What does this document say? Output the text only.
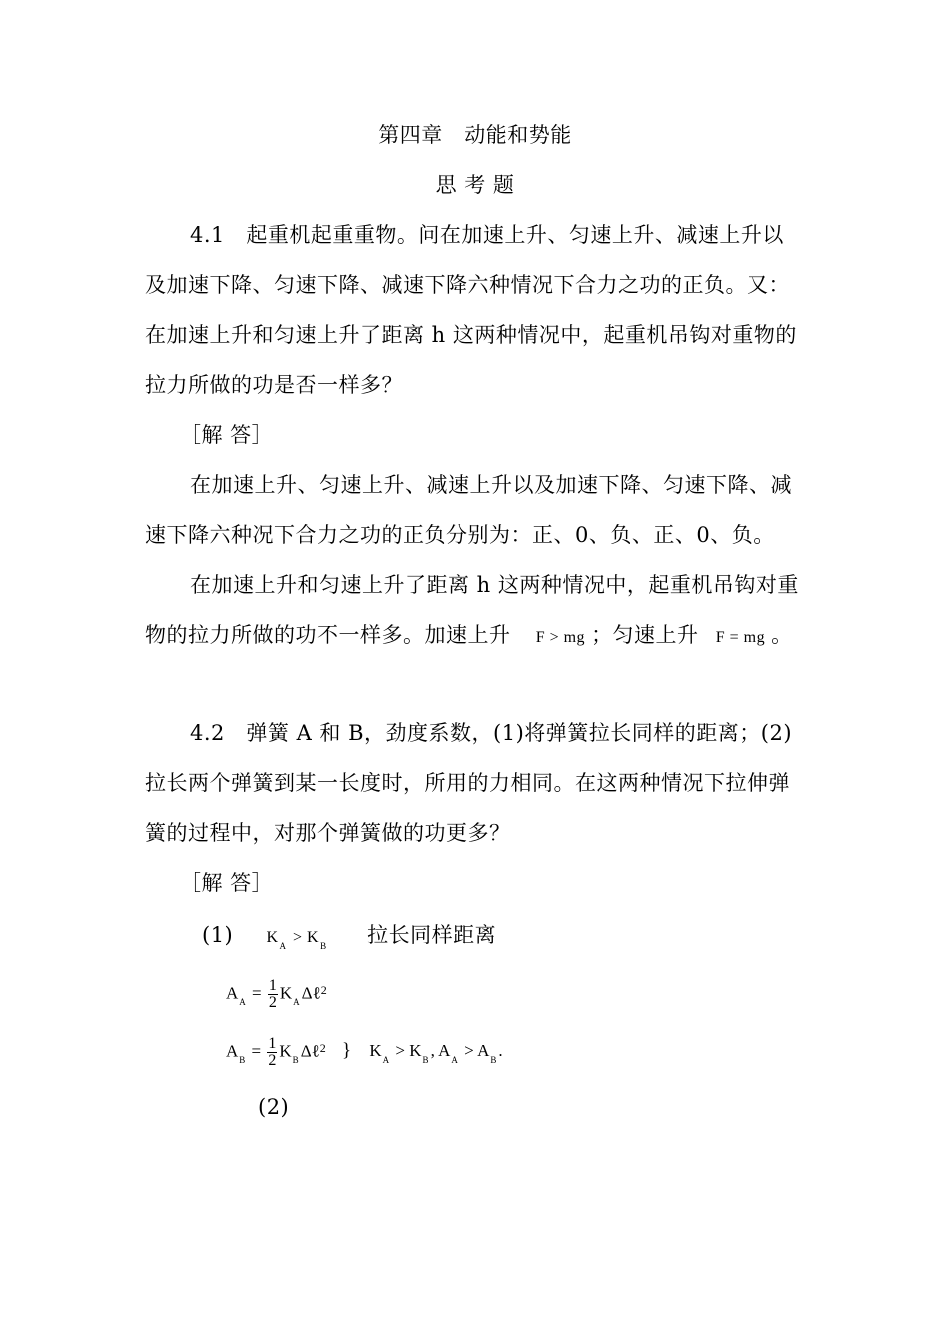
第四章　动能和势能
思 考 题
4.1　起重机起重重物。问在加速上升、匀速上升、减速上升以
及加速下降、匀速下降、减速下降六种情况下合力之功的正负。又：
在加速上升和匀速上升了距离 h 这两种情况中，起重机吊钩对重物的
拉力所做的功是否一样多？
［解 答］
在加速上升、匀速上升、减速上升以及加速下降、匀速下降、减
速下降六种况下合力之功的正负分别为：正、0、负、正、0、负。
在加速上升和匀速上升了距离 h 这两种情况中，起重机吊钩对重
物的拉力所做的功不一样多。加速上升 F > mg ；匀速上升 F = mg 。
4.2　弹簧 A 和 B，劲度系数，(1)将弹簧拉长同样的距离；(2)
拉长两个弹簧到某一长度时，所用的力相同。在这两种情况下拉伸弹
簧的过程中，对那个弹簧做的功更多？
［解 答］
(1) $K_A > K_B$ 拉长同样距离
$A_A = \frac{1}{2} K_A$ Δℓ$^2$
$A_B = \frac{1}{2} K_B$ Δℓ$^2$ } $K_A > K_B$ , $A_A > A_B$ .
(2)
